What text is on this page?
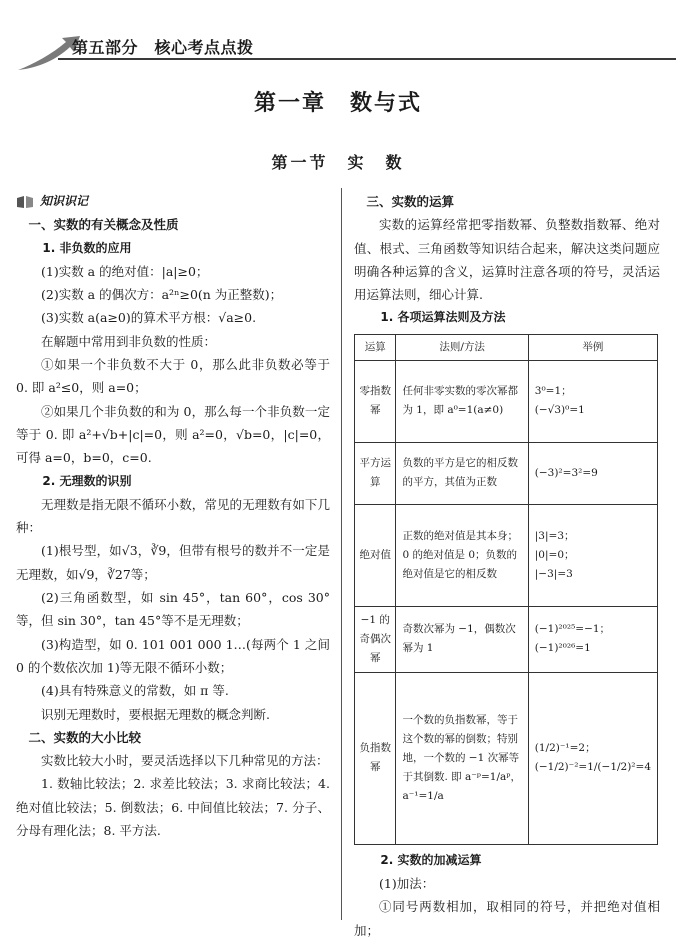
第五部分　核心考点点拨
第一章　数与式
第一节　实　数
知识识记

一、实数的有关概念及性质

1. 非负数的应用

(1)实数 a 的绝对值：|a|≥0；

(2)实数 a 的偶次方：a²ⁿ≥0(n 为正整数)；

(3)实数 a(a≥0)的算术平方根：√a≥0.

在解题中常用到非负数的性质：

①如果一个非负数不大于 0，那么此非负数必等于 0. 即 a²≤0，则 a=0；

②如果几个非负数的和为 0，那么每一个非负数一定等于 0. 即 a²+√b+|c|=0，则 a²=0，√b=0，|c|=0，可得 a=0，b=0，c=0.

2. 无理数的识别

无理数是指无限不循环小数，常见的无理数有如下几种：

(1)根号型，如√3，∛9，但带有根号的数并不一定是无理数，如√9，∛27等；

(2)三角函数型，如 sin 45°，tan 60°，cos 30°等，但 sin 30°，tan 45°等不是无理数；

(3)构造型，如 0. 101 001 000 1…(每两个 1 之间 0 的个数依次加 1)等无限不循环小数；

(4)具有特殊意义的常数，如 π 等.

识别无理数时，要根据无理数的概念判断.

二、实数的大小比较

实数比较大小时，要灵活选择以下几种常见的方法：

1. 数轴比较法；2. 求差比较法；3. 求商比较法；4. 绝对值比较法；5. 倒数法；6. 中间值比较法；7. 分子、分母有理化法；8. 平方法.

三、实数的运算

实数的运算经常把零指数幂、负整数指数幂、绝对值、根式、三角函数等知识结合起来，解决这类问题应明确各种运算的含义，运算时注意各项的符号，灵活运用运算法则，细心计算.

1. 各项运算法则及方法

运算	法则/方法	举例
零指数幂	任何非零实数的零次幂都为 1，即 a⁰=1(a≠0)	3⁰=1；
(−√3)⁰=1

平方运算	负数的平方是它的相反数的平方，其值为正数	(−3)²=3²=9

绝对值	正数的绝对值是其本身；0 的绝对值是 0；负数的绝对值是它的相反数	|3|=3；
|0|=0；
|−3|=3

−1 的奇偶次幂	奇数次幂为 −1，偶数次幂为 1	(−1)²⁰²⁵=−1；
(−1)²⁰²⁶=1

负指数幂	一个数的负指数幂，等于这个数的幂的倒数；特别地，一个数的 −1 次幂等于其倒数. 即 a⁻ᵖ=1/aᵖ，a⁻¹=1/a	(1/2)⁻¹=2；
(−1/2)⁻²=1/(−1/2)²=4

2. 实数的加减运算

(1)加法：

①同号两数相加，取相同的符号，并把绝对值相加；
